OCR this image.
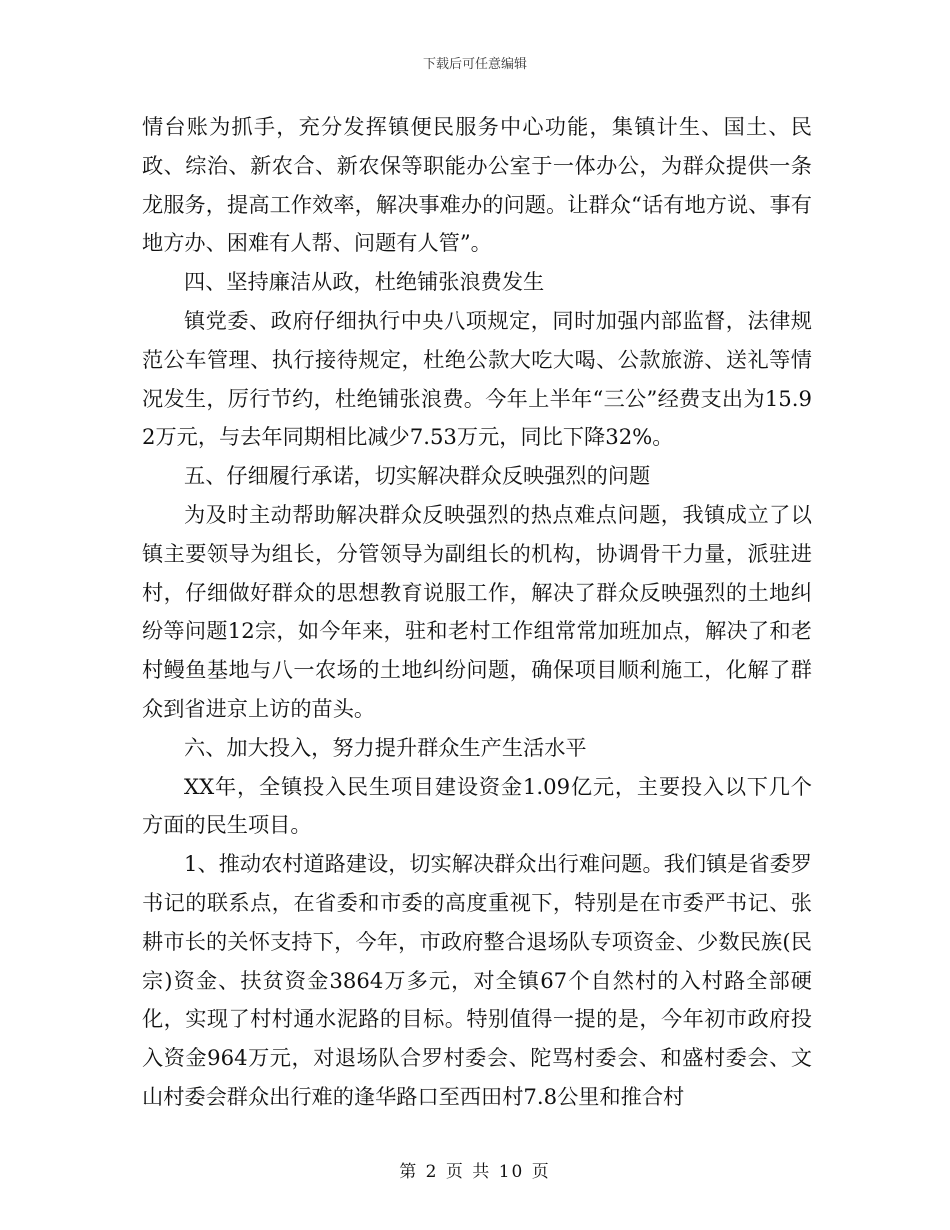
下载后可任意编辑

情台账为抓手，充分发挥镇便民服务中心功能，集镇计生、国土、民政、综治、新农合、新农保等职能办公室于一体办公，为群众提供一条龙服务，提高工作效率，解决事难办的问题。让群众“话有地方说、事有地方办、困难有人帮、问题有人管”。

四、坚持廉洁从政，杜绝铺张浪费发生

镇党委、政府仔细执行中央八项规定，同时加强内部监督，法律规范公车管理、执行接待规定，杜绝公款大吃大喝、公款旅游、送礼等情况发生，厉行节约，杜绝铺张浪费。今年上半年“三公”经费支出为15.92万元，与去年同期相比减少7.53万元，同比下降32%。

五、仔细履行承诺，切实解决群众反映强烈的问题

为及时主动帮助解决群众反映强烈的热点难点问题，我镇成立了以镇主要领导为组长，分管领导为副组长的机构，协调骨干力量，派驻进村，仔细做好群众的思想教育说服工作，解决了群众反映强烈的土地纠纷等问题12宗，如今年来，驻和老村工作组常常加班加点，解决了和老村鳗鱼基地与八一农场的土地纠纷问题，确保项目顺利施工，化解了群众到省进京上访的苗头。

六、加大投入，努力提升群众生产生活水平

XX年，全镇投入民生项目建设资金1.09亿元，主要投入以下几个方面的民生项目。

1、推动农村道路建设，切实解决群众出行难问题。我们镇是省委罗书记的联系点，在省委和市委的高度重视下，特别是在市委严书记、张耕市长的关怀支持下，今年，市政府整合退场队专项资金、少数民族(民宗)资金、扶贫资金3864万多元，对全镇67个自然村的入村路全部硬化，实现了村村通水泥路的目标。特别值得一提的是，今年初市政府投入资金964万元，对退场队合罗村委会、陀骂村委会、和盛村委会、文山村委会群众出行难的逢华路口至西田村7.8公里和推合村

第 2 页 共 10 页
